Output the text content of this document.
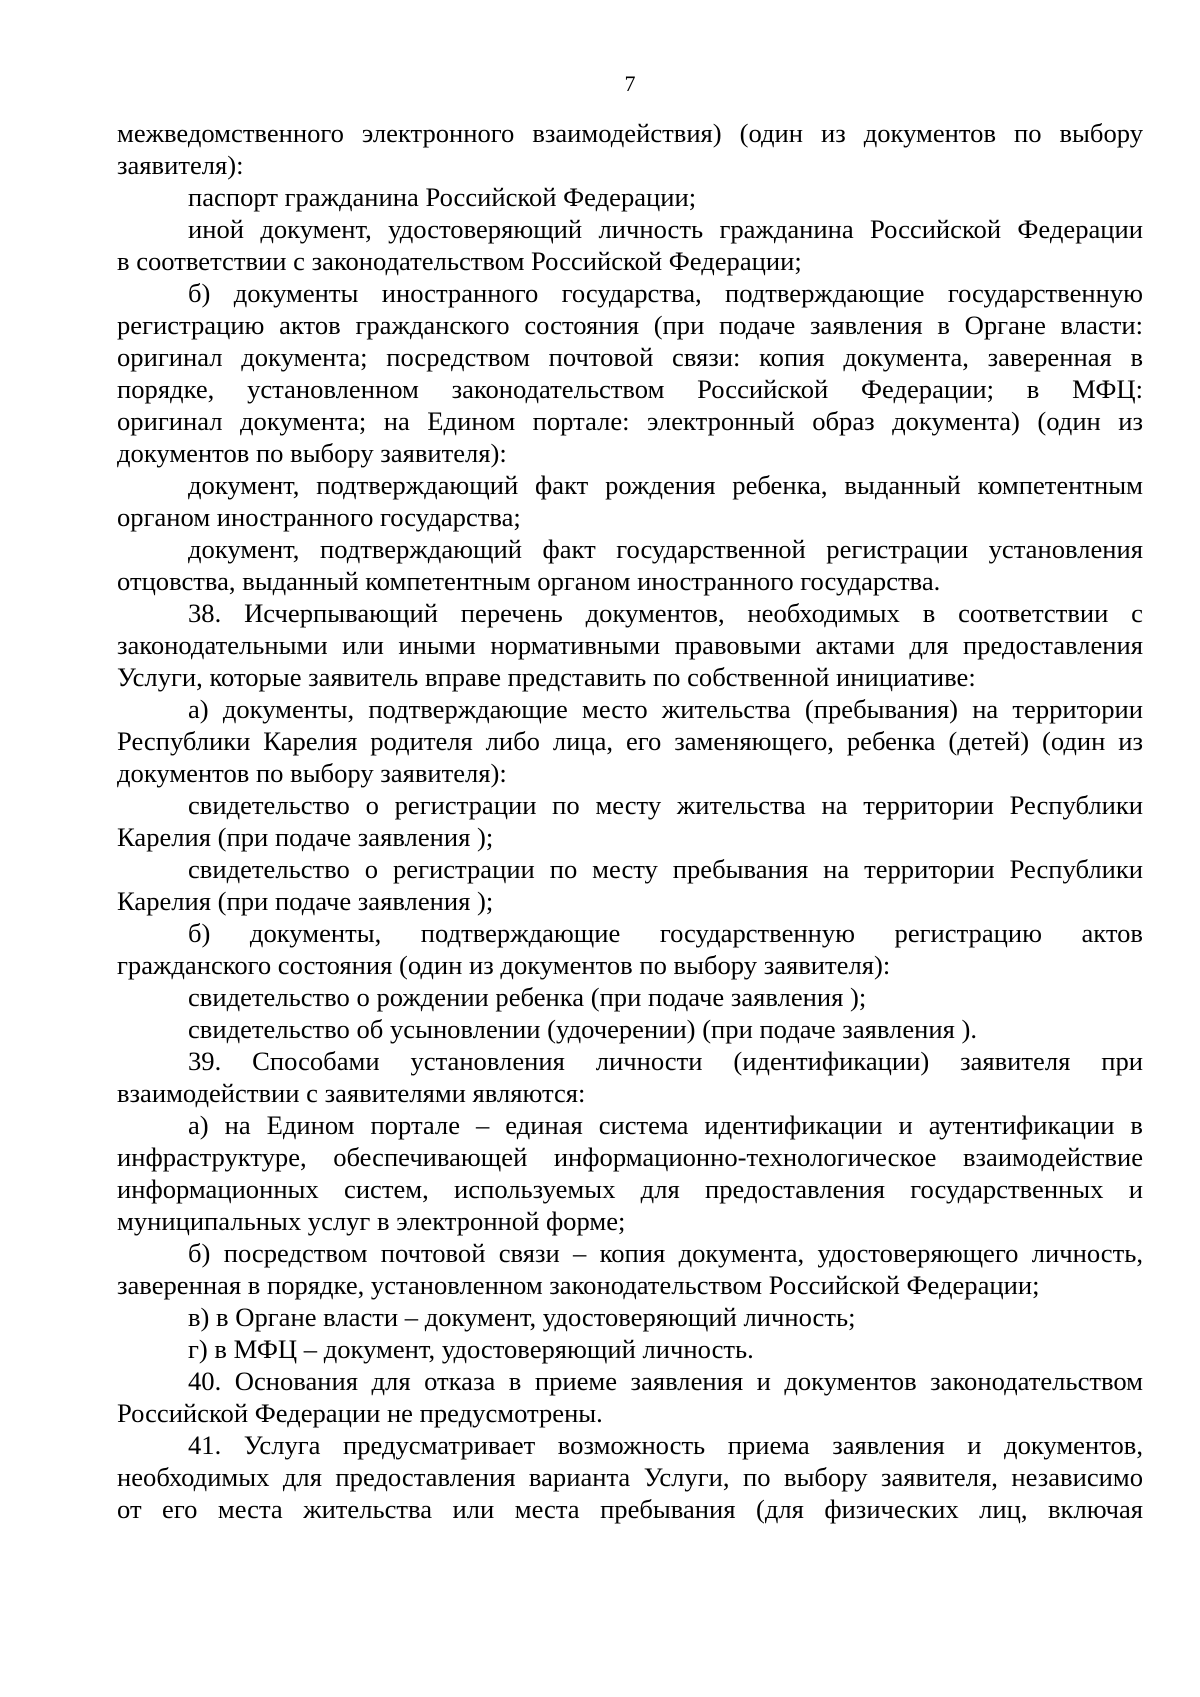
7
межведомственного электронного взаимодействия) (один из документов по выбору
заявителя):
паспорт гражданина Российской Федерации;
иной документ, удостоверяющий личность гражданина Российской Федерации
в соответствии с законодательством Российской Федерации;
б) документы иностранного государства, подтверждающие государственную
регистрацию актов гражданского состояния (при подаче заявления в Органе власти:
оригинал документа; посредством почтовой связи: копия документа, заверенная в
порядке, установленном законодательством Российской Федерации; в МФЦ:
оригинал документа; на Едином портале: электронный образ документа) (один из
документов по выбору заявителя):
документ, подтверждающий факт рождения ребенка, выданный компетентным
органом иностранного государства;
документ, подтверждающий факт государственной регистрации установления
отцовства, выданный компетентным органом иностранного государства.
38. Исчерпывающий перечень документов, необходимых в соответствии с
законодательными или иными нормативными правовыми актами для предоставления
Услуги, которые заявитель вправе представить по собственной инициативе:
а) документы, подтверждающие место жительства (пребывания) на территории
Республики Карелия родителя либо лица, его заменяющего, ребенка (детей) (один из
документов по выбору заявителя):
свидетельство о регистрации по месту жительства на территории Республики
Карелия (при подаче заявления );
свидетельство о регистрации по месту пребывания на территории Республики
Карелия (при подаче заявления );
б) документы, подтверждающие государственную регистрацию актов
гражданского состояния (один из документов по выбору заявителя):
свидетельство о рождении ребенка (при подаче заявления );
свидетельство об усыновлении (удочерении) (при подаче заявления ).
39. Способами установления личности (идентификации) заявителя при
взаимодействии с заявителями являются:
а) на Едином портале – единая система идентификации и аутентификации в
инфраструктуре, обеспечивающей информационно-технологическое взаимодействие
информационных систем, используемых для предоставления государственных и
муниципальных услуг в электронной форме;
б) посредством почтовой связи – копия документа, удостоверяющего личность,
заверенная в порядке, установленном законодательством Российской Федерации;
в) в Органе власти – документ, удостоверяющий личность;
г) в МФЦ – документ, удостоверяющий личность.
40. Основания для отказа в приеме заявления и документов законодательством
Российской Федерации не предусмотрены.
41. Услуга предусматривает возможность приема заявления и документов,
необходимых для предоставления варианта Услуги, по выбору заявителя, независимо
от его места жительства или места пребывания (для физических лиц, включая
